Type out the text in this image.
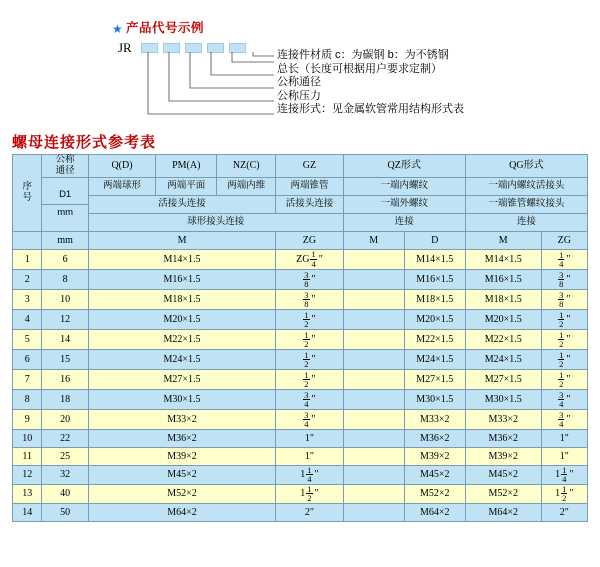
★ 产品代号示例
JR	连接件材质 c：为碳钢 b：为不锈钢
总长（长度可根据用户要求定制）
公称通径
公称压力
连接形式：见金属软管常用结构形式表
螺母连接形式参考表
序
号	公称
通径	Q(D)	PM(A)	NZ(C)	GZ	QZ形式		QG形式	
	D1
mm	两端球形	两端平面	两端内维	两端锥管	一端内螺纹		一端内螺纹活接头	
		活接头连接			活接头连接	一端外螺纹		一端锥管螺纹接头	
		球形接头连接				连接		连接	
	mm	M			ZG	M	D	M	ZG
1	6	M14×1.5			ZG $\frac{1}{4}$ "		M14×1.5	M14×1.5	$\frac{1}{4}$ "

2	8	M16×1.5			$\frac{3}{8}$ "		M16×1.5	M16×1.5	$\frac{3}{8}$ "

3	10	M18×1.5			$\frac{3}{8}$ "		M18×1.5	M18×1.5	$\frac{3}{8}$ "

4	12	M20×1.5			$\frac{1}{2}$ "		M20×1.5	M20×1.5	$\frac{1}{2}$ "

5	14	M22×1.5			$\frac{1}{2}$ "		M22×1.5	M22×1.5	$\frac{1}{2}$ "

6	15	M24×1.5			$\frac{1}{2}$ "		M24×1.5	M24×1.5	$\frac{1}{2}$ "

7	16	M27×1.5			$\frac{1}{2}$ "		M27×1.5	M27×1.5	$\frac{1}{2}$ "

8	18	M30×1.5			$\frac{3}{4}$ "		M30×1.5	M30×1.5	$\frac{3}{4}$ "

9	20	M33×2			$\frac{3}{4}$ "		M33×2	M33×2	$\frac{3}{4}$ "

10	22	M36×2			1"		M36×2	M36×2	1"
11	25	M39×2			1"		M39×2	M39×2	1"
12	32	M45×2			$1 \frac{1}{4}$ "		M45×2	M45×2	$1 \frac{1}{4}$ "

13	40	M52×2			$1 \frac{1}{2}$ "		M52×2	M52×2	$1 \frac{1}{2}$ "

14	50	M64×2			2"		M64×2	M64×2	2"
